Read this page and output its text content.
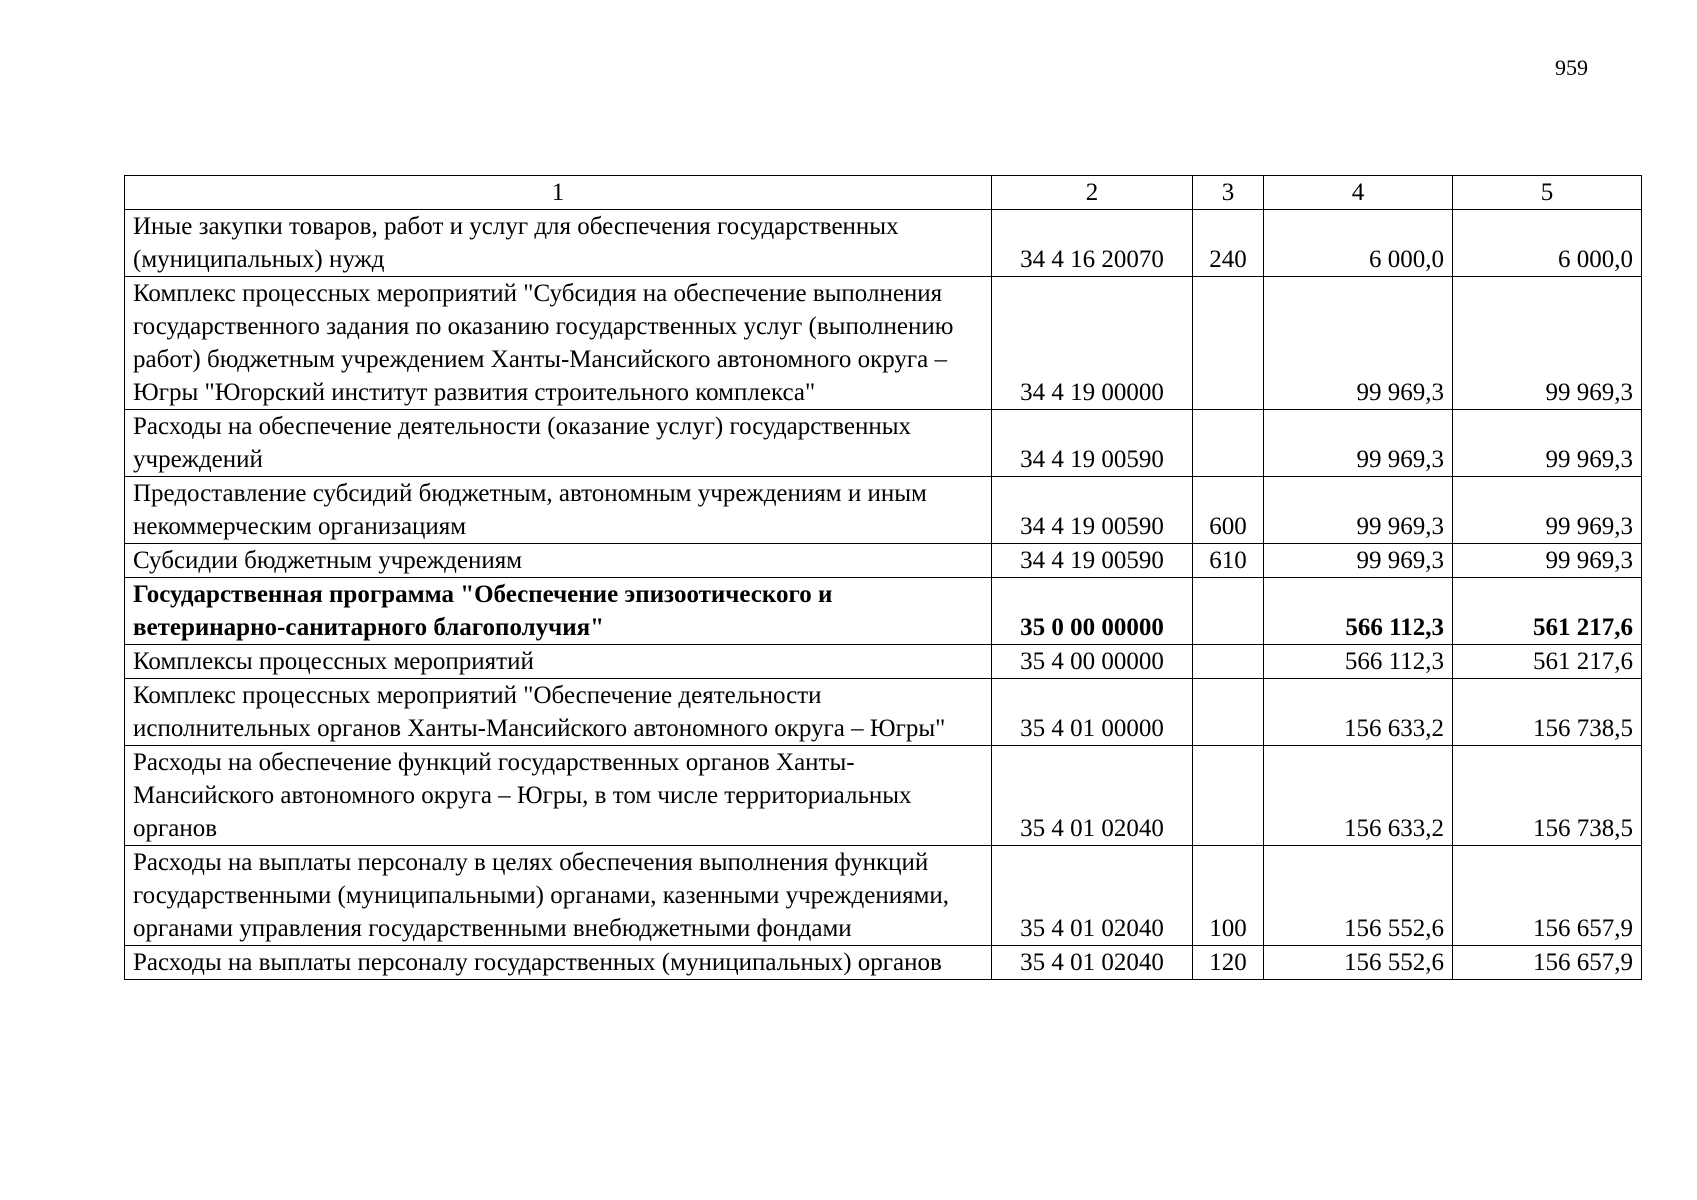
959
1	2	3	4	5
Иные закупки товаров, работ и услуг для обеспечения государственных (муниципальных) нужд	34 4 16 20070	240	6 000,0	6 000,0
Комплекс процессных мероприятий "Субсидия на обеспечение выполнения государственного задания по оказанию государственных услуг (выполнению работ) бюджетным учреждением Ханты-Мансийского автономного округа – Югры "Югорский институт развития строительного комплекса"	34 4 19 00000		99 969,3	99 969,3
Расходы на обеспечение деятельности (оказание услуг) государственных учреждений	34 4 19 00590		99 969,3	99 969,3
Предоставление субсидий бюджетным, автономным учреждениям и иным некоммерческим организациям	34 4 19 00590	600	99 969,3	99 969,3
Субсидии бюджетным учреждениям	34 4 19 00590	610	99 969,3	99 969,3
Государственная программа "Обеспечение эпизоотического и ветеринарно-санитарного благополучия"	35 0 00 00000		566 112,3	561 217,6
Комплексы процессных мероприятий	35 4 00 00000		566 112,3	561 217,6
Комплекс процессных мероприятий "Обеспечение деятельности исполнительных органов Ханты-Мансийского автономного округа – Югры"	35 4 01 00000		156 633,2	156 738,5
Расходы на обеспечение функций государственных органов Ханты-Мансийского автономного округа – Югры, в том числе территориальных органов	35 4 01 02040		156 633,2	156 738,5
Расходы на выплаты персоналу в целях обеспечения выполнения функций государственными (муниципальными) органами, казенными учреждениями, органами управления государственными внебюджетными фондами	35 4 01 02040	100	156 552,6	156 657,9
Расходы на выплаты персоналу государственных (муниципальных) органов	35 4 01 02040	120	156 552,6	156 657,9
